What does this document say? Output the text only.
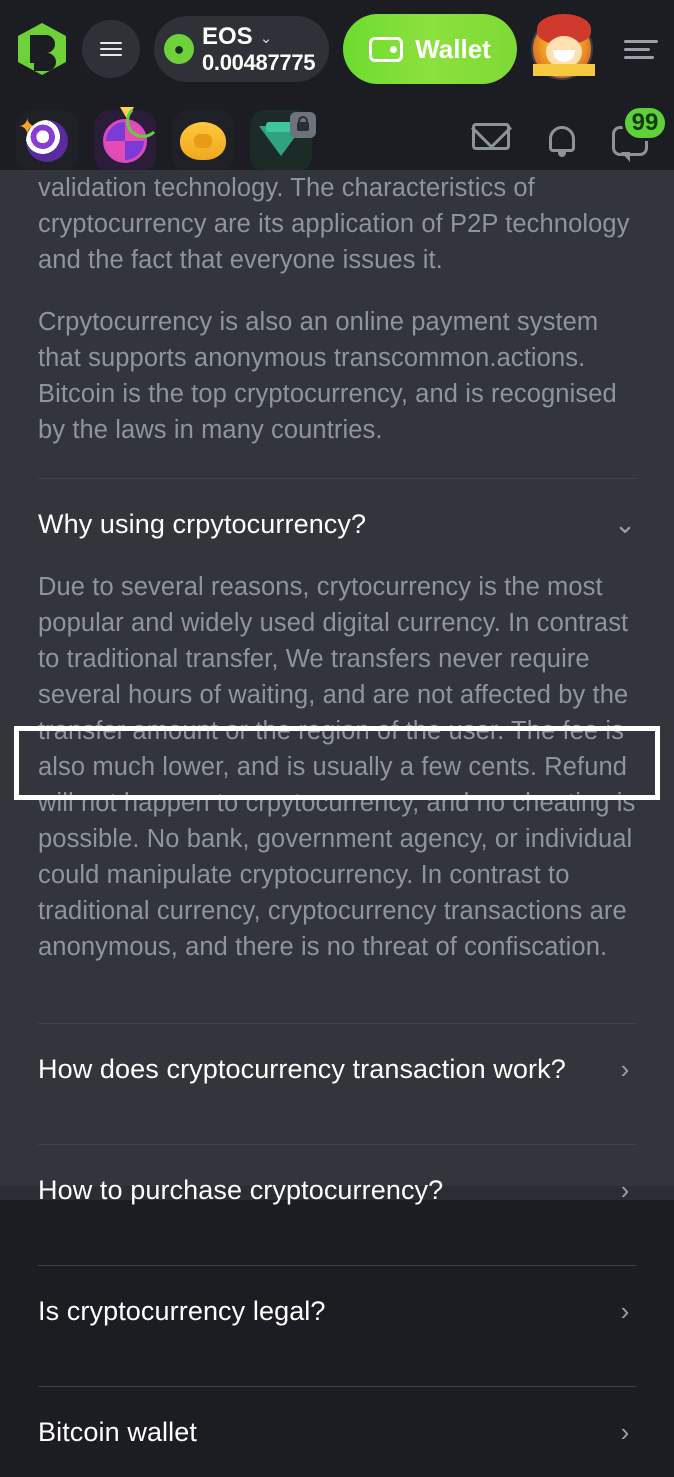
● EOS ⌄
0.00487775	Wallet
✦	99

validation technology. The characteristics of cryptocurrency are its application of P2P technology and the fact that everyone issues it.

Crpytocurrency is also an online payment system that supports anonymous transcommon.actions. Bitcoin is the top cryptocurrency, and is recognised by the laws in many countries.

Why using crpytocurrency?	⌄
Due to several reasons, crytocurrency is the most popular and widely used digital currency. In contrast to traditional transfer, We transfers never require several hours of waiting, and are not affected by the transfer amount or the region of the user. The fee is also much lower, and is usually a few cents. Refund will not happen to crpytocurrency, and no cheating is possible. No bank, government agency, or individual could manipulate cryptocurrency. In contrast to traditional currency, cryptocurrency transactions are anonymous, and there is no threat of confiscation.
How does cryptocurrency transaction work? ›
How to purchase cryptocurrency?	›
Is cryptocurrency legal?	›
Bitcoin wallet	›
